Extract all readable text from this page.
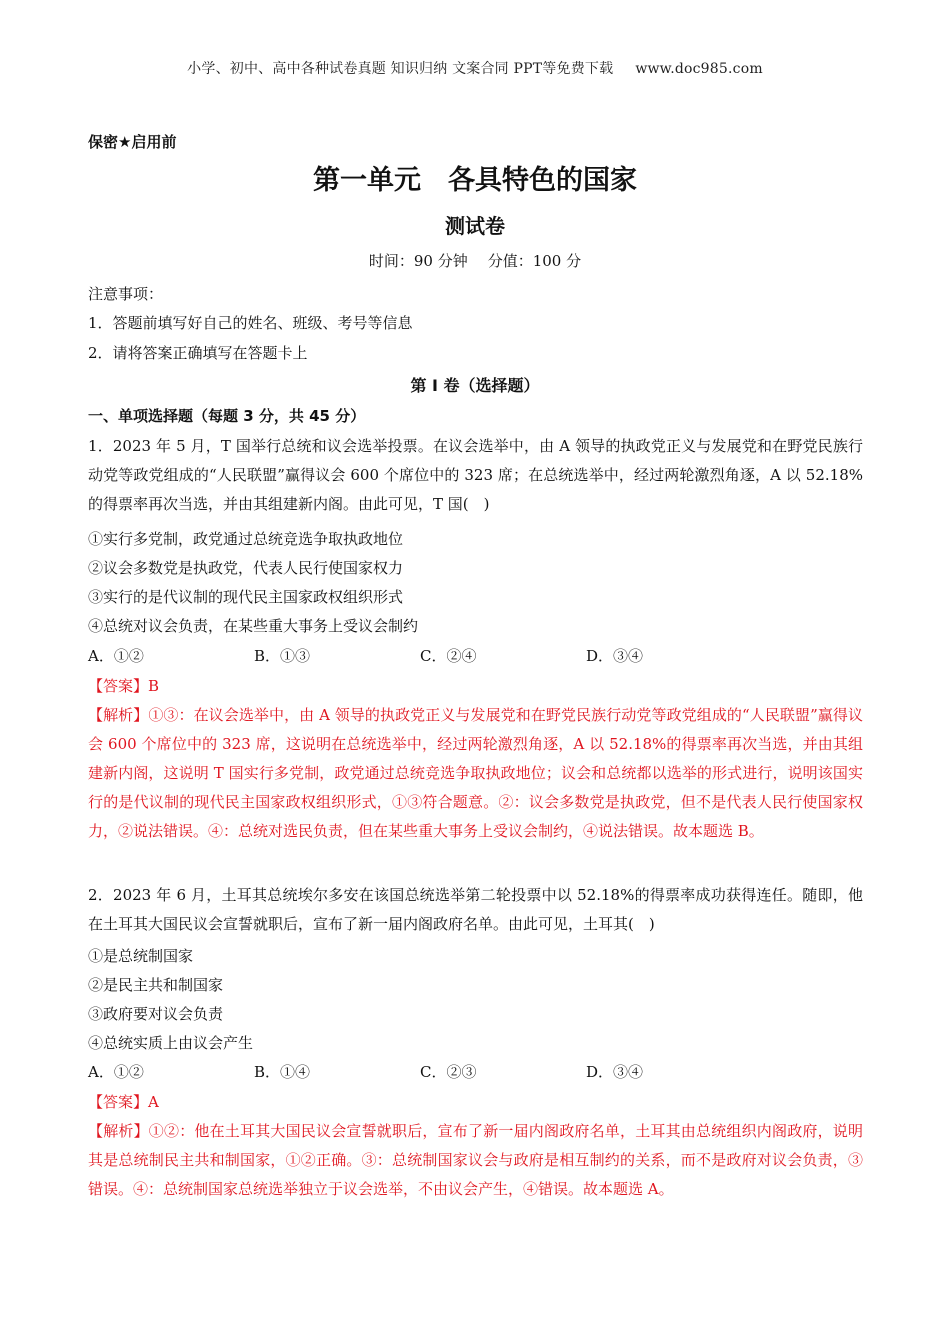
小学、初中、高中各种试卷真题 知识归纳 文案合同 PPT等免费下载 www.doc985.com
保密★启用前
第一单元　各具特色的国家
测试卷
时间：90 分钟 分值：100 分
注意事项：
1．答题前填写好自己的姓名、班级、考号等信息
2．请将答案正确填写在答题卡上
第 I 卷（选择题）
一、单项选择题（每题 3 分，共 45 分）
1．2023 年 5 月，T 国举行总统和议会选举投票。在议会选举中，由 A 领导的执政党正义与发展党和在野党民族行动党等政党组成的“人民联盟”赢得议会 600 个席位中的 323 席；在总统选举中，经过两轮激烈角逐，A 以 52.18%的得票率再次当选，并由其组建新内阁。由此可见，T 国(　)
①实行多党制，政党通过总统竞选争取执政地位
②议会多数党是执政党，代表人民行使国家权力
③实行的是代议制的现代民主国家政权组织形式
④总统对议会负责，在某些重大事务上受议会制约
A．①②	B．①③	C．②④	D．③④
【答案】B
【解析】①③：在议会选举中，由 A 领导的执政党正义与发展党和在野党民族行动党等政党组成的“人民联盟”赢得议会 600 个席位中的 323 席，这说明在总统选举中，经过两轮激烈角逐，A 以 52.18%的得票率再次当选，并由其组建新内阁，这说明 T 国实行多党制，政党通过总统竞选争取执政地位；议会和总统都以选举的形式进行，说明该国实行的是代议制的现代民主国家政权组织形式，①③符合题意。②：议会多数党是执政党，但不是代表人民行使国家权力，②说法错误。④：总统对选民负责，但在某些重大事务上受议会制约，④说法错误。故本题选 B。
2．2023 年 6 月，土耳其总统埃尔多安在该国总统选举第二轮投票中以 52.18%的得票率成功获得连任。随即，他在土耳其大国民议会宣誓就职后，宣布了新一届内阁政府名单。由此可见，土耳其(　)
①是总统制国家
②是民主共和制国家
③政府要对议会负责
④总统实质上由议会产生
A．①②	B．①④	C．②③	D．③④
【答案】A
【解析】①②：他在土耳其大国民议会宣誓就职后，宣布了新一届内阁政府名单，土耳其由总统组织内阁政府，说明其是总统制民主共和制国家，①②正确。③：总统制国家议会与政府是相互制约的关系，而不是政府对议会负责，③错误。④：总统制国家总统选举独立于议会选举，不由议会产生，④错误。故本题选 A。
